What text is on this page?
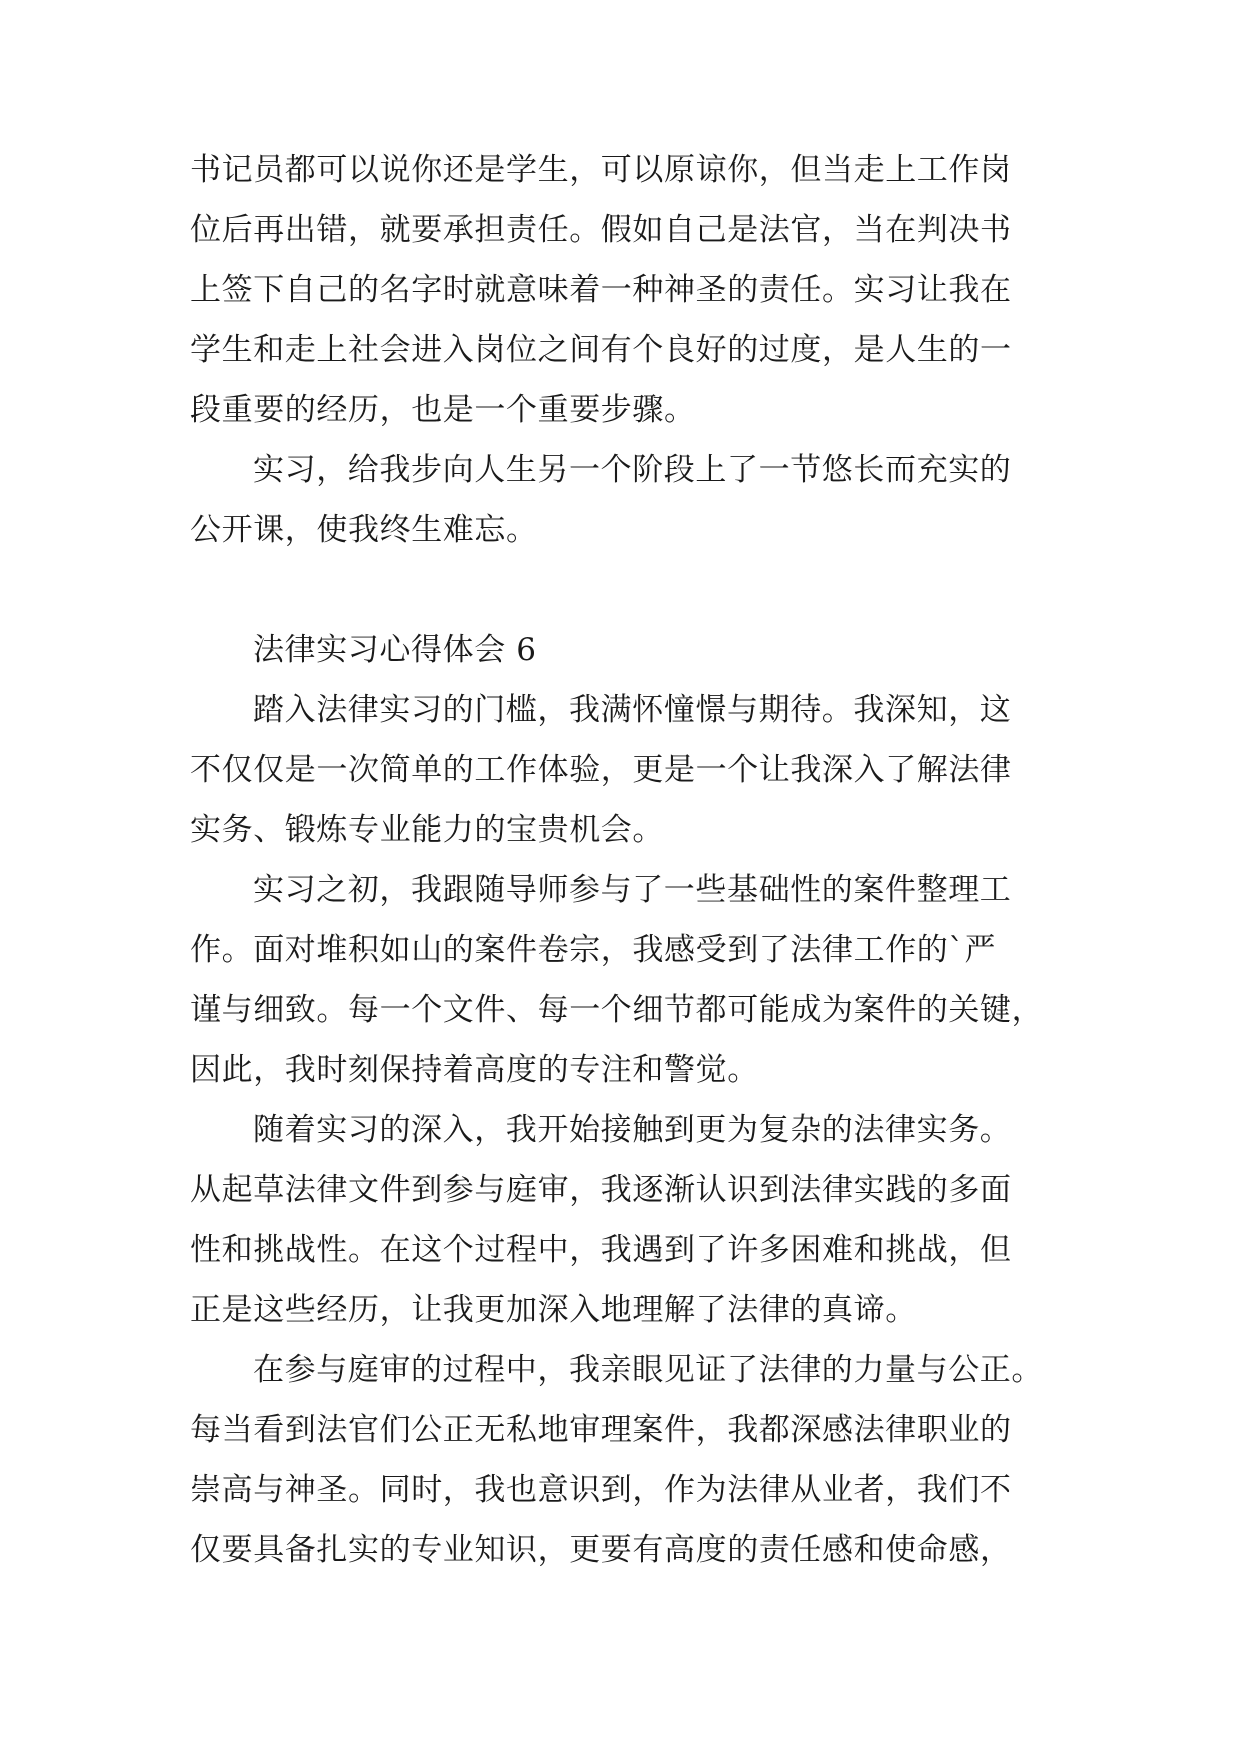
书记员都可以说你还是学生，可以原谅你，但当走上工作岗
位后再出错，就要承担责任。假如自己是法官，当在判决书
上签下自己的名字时就意味着一种神圣的责任。实习让我在
学生和走上社会进入岗位之间有个良好的过度，是人生的一
段重要的经历，也是一个重要步骤。
实习，给我步向人生另一个阶段上了一节悠长而充实的
公开课，使我终生难忘。
法律实习心得体会 6
踏入法律实习的门槛，我满怀憧憬与期待。我深知，这
不仅仅是一次简单的工作体验，更是一个让我深入了解法律
实务、锻炼专业能力的宝贵机会。
实习之初，我跟随导师参与了一些基础性的案件整理工
作。面对堆积如山的案件卷宗，我感受到了法律工作的`严
谨与细致。每一个文件、每一个细节都可能成为案件的关键，
因此，我时刻保持着高度的专注和警觉。
随着实习的深入，我开始接触到更为复杂的法律实务。
从起草法律文件到参与庭审，我逐渐认识到法律实践的多面
性和挑战性。在这个过程中，我遇到了许多困难和挑战，但
正是这些经历，让我更加深入地理解了法律的真谛。
在参与庭审的过程中，我亲眼见证了法律的力量与公正。
每当看到法官们公正无私地审理案件，我都深感法律职业的
崇高与神圣。同时，我也意识到，作为法律从业者，我们不
仅要具备扎实的专业知识，更要有高度的责任感和使命感，
